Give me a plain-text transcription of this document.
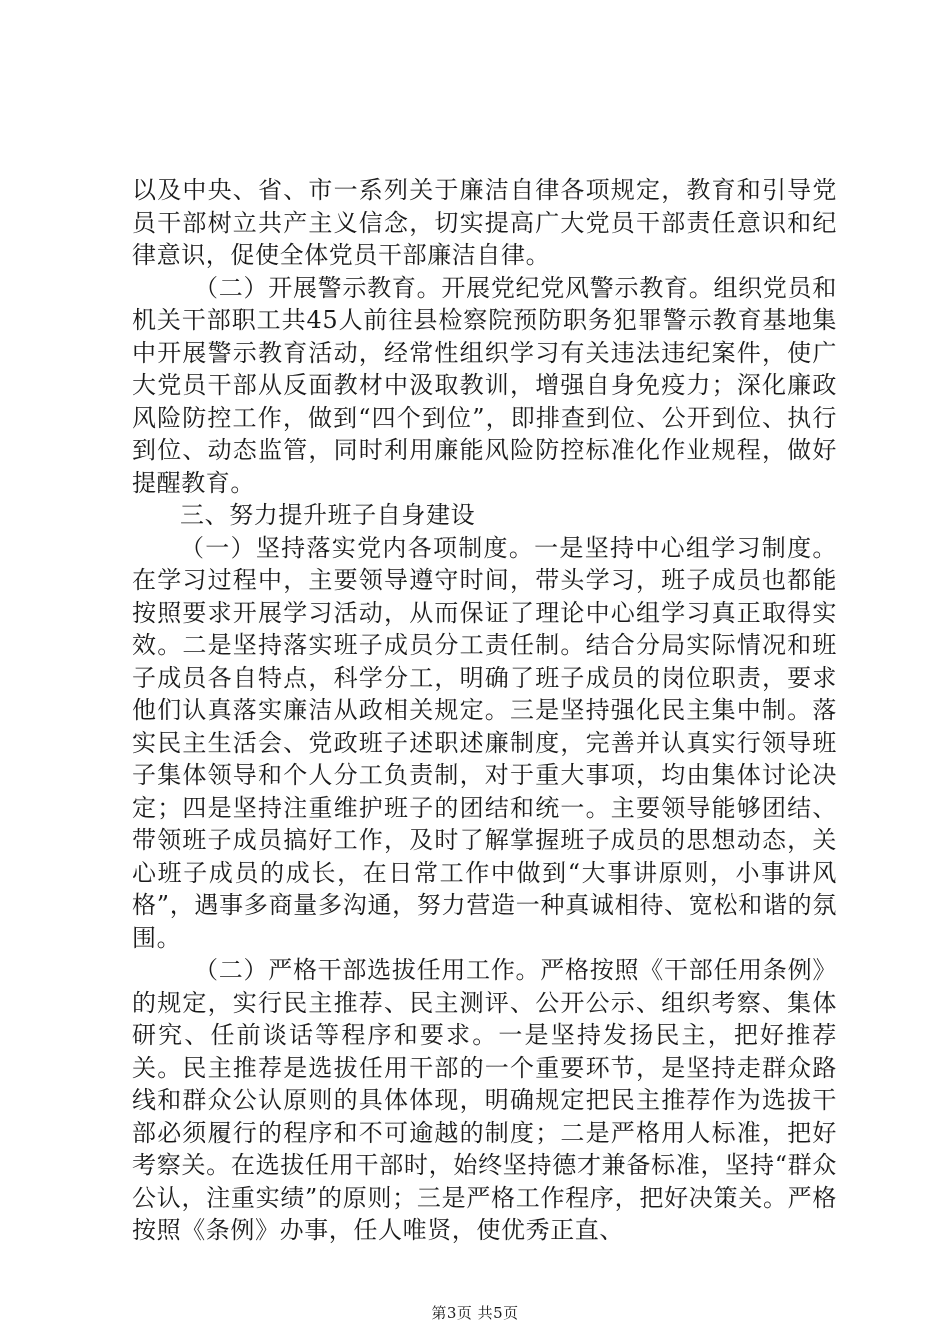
以及中央、省、市一系列关于廉洁自律各项规定，教育和引导党员干部树立共产主义信念，切实提高广大党员干部责任意识和纪律意识，促使全体党员干部廉洁自律。

（二）开展警示教育。开展党纪党风警示教育。组织党员和机关干部职工共45人前往县检察院预防职务犯罪警示教育基地集中开展警示教育活动，经常性组织学习有关违法违纪案件，使广大党员干部从反面教材中汲取教训，增强自身免疫力；深化廉政风险防控工作，做到“四个到位”，即排查到位、公开到位、执行到位、动态监管，同时利用廉能风险防控标准化作业规程，做好提醒教育。

三、努力提升班子自身建设

（一）坚持落实党内各项制度。一是坚持中心组学习制度。在学习过程中，主要领导遵守时间，带头学习，班子成员也都能按照要求开展学习活动，从而保证了理论中心组学习真正取得实效。二是坚持落实班子成员分工责任制。结合分局实际情况和班子成员各自特点，科学分工，明确了班子成员的岗位职责，要求他们认真落实廉洁从政相关规定。三是坚持强化民主集中制。落实民主生活会、党政班子述职述廉制度，完善并认真实行领导班子集体领导和个人分工负责制，对于重大事项，均由集体讨论决定；四是坚持注重维护班子的团结和统一。主要领导能够团结、带领班子成员搞好工作，及时了解掌握班子成员的思想动态，关心班子成员的成长，在日常工作中做到“大事讲原则，小事讲风格”，遇事多商量多沟通，努力营造一种真诚相待、宽松和谐的氛围。

（二）严格干部选拔任用工作。严格按照《干部任用条例》的规定，实行民主推荐、民主测评、公开公示、组织考察、集体研究、任前谈话等程序和要求。一是坚持发扬民主，把好推荐关。民主推荐是选拔任用干部的一个重要环节，是坚持走群众路线和群众公认原则的具体体现，明确规定把民主推荐作为选拔干部必须履行的程序和不可逾越的制度；二是严格用人标准，把好考察关。在选拔任用干部时，始终坚持德才兼备标准，坚持“群众公认，注重实绩”的原则；三是严格工作程序，把好决策关。严格按照《条例》办事，任人唯贤，使优秀正直、

第3页 共5页
